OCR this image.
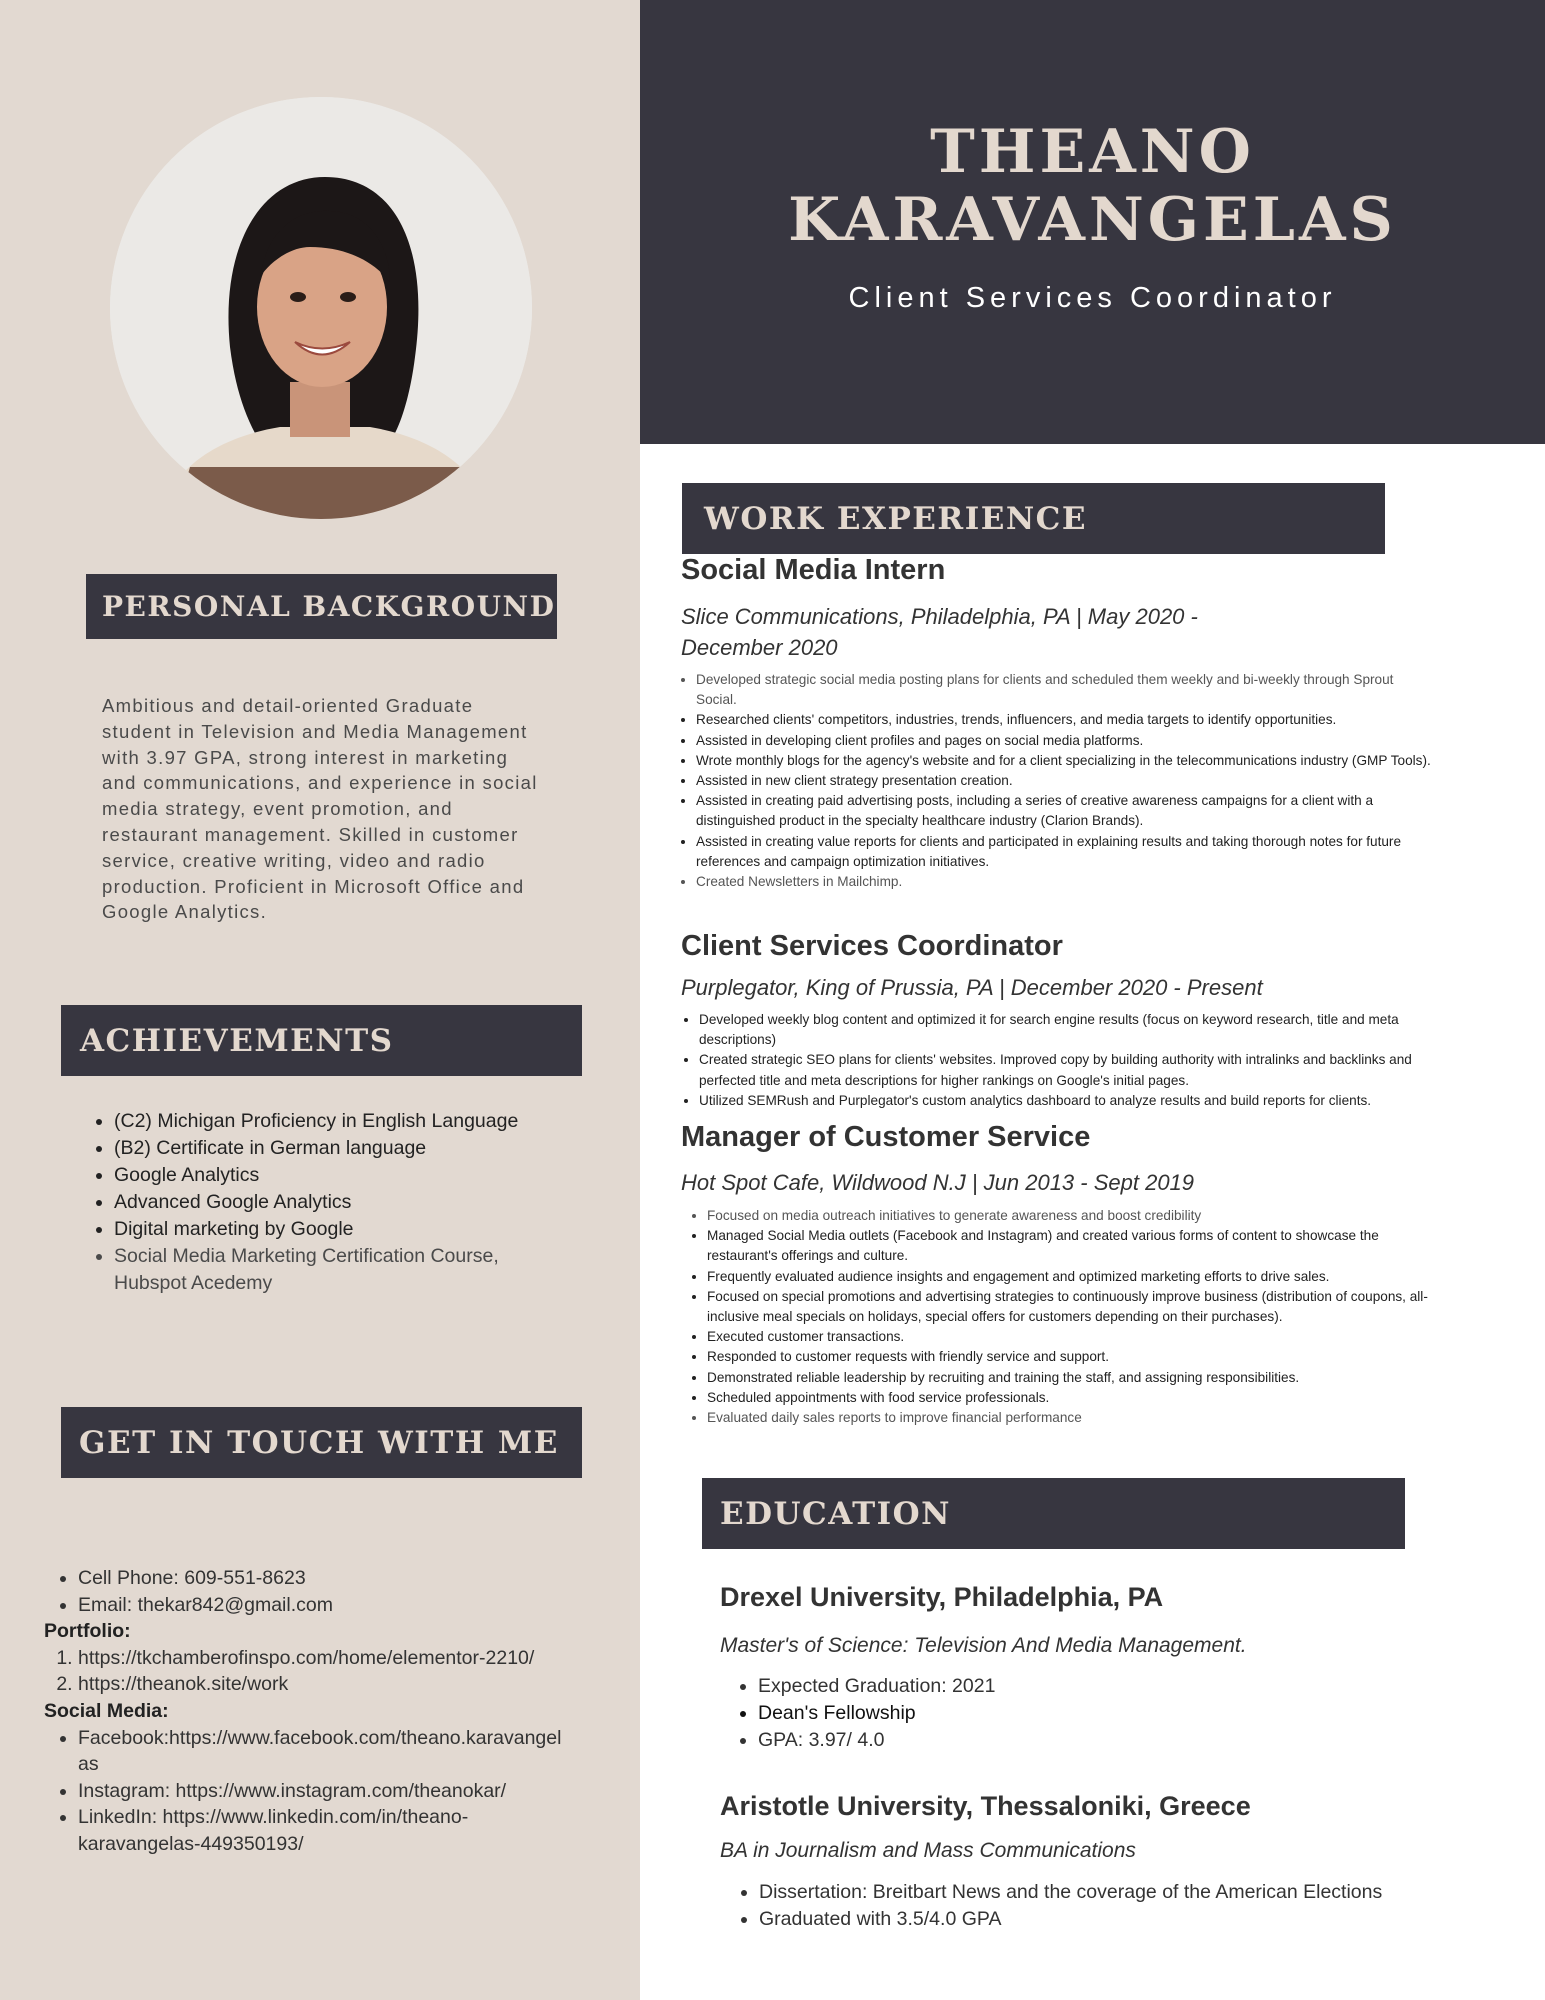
THEANO
KARAVANGELAS
Client Services Coordinator
PERSONAL BACKGROUND
Ambitious and detail-oriented Graduate student in Television and Media Management with 3.97 GPA, strong interest in marketing and communications, and experience in social media strategy, event promotion, and restaurant management. Skilled in customer service, creative writing, video and radio production. Proficient in Microsoft Office and Google Analytics.
ACHIEVEMENTS
• (C2) Michigan Proficiency in English Language
• (B2) Certificate in German language
• Google Analytics
• Advanced Google Analytics
• Digital marketing by Google
• Social Media Marketing Certification Course, Hubspot Acedemy
GET IN TOUCH WITH ME
• Cell Phone: 609-551-8623
• Email: thekar842@gmail.com
Portfolio:
1. https://tkchamberofinspo.com/home/elementor-2210/
2. https://theanok.site/work
Social Media:
• Facebook:https://www.facebook.com/theano.karavangelas
• Instagram: https://www.instagram.com/theanokar/
• LinkedIn: https://www.linkedin.com/in/theano-karavangelas-449350193/
WORK EXPERIENCE
Social Media Intern
Slice Communications, Philadelphia, PA | May 2020 - December 2020
• Developed strategic social media posting plans for clients and scheduled them weekly and bi-weekly through Sprout Social.
• Researched clients' competitors, industries, trends, influencers, and media targets to identify opportunities.
• Assisted in developing client profiles and pages on social media platforms.
• Wrote monthly blogs for the agency's website and for a client specializing in the telecommunications industry (GMP Tools).
• Assisted in new client strategy presentation creation.
• Assisted in creating paid advertising posts, including a series of creative awareness campaigns for a client with a distinguished product in the specialty healthcare industry (Clarion Brands).
• Assisted in creating value reports for clients and participated in explaining results and taking thorough notes for future references and campaign optimization initiatives.
• Created Newsletters in Mailchimp.
Client Services Coordinator
Purplegator, King of Prussia, PA | December 2020 - Present
• Developed weekly blog content and optimized it for search engine results (focus on keyword research, title and meta descriptions)
• Created strategic SEO plans for clients' websites. Improved copy by building authority with intralinks and backlinks and perfected title and meta descriptions for higher rankings on Google's initial pages.
• Utilized SEMRush and Purplegator's custom analytics dashboard to analyze results and build reports for clients.
Manager of Customer Service
Hot Spot Cafe, Wildwood N.J | Jun 2013 - Sept 2019
• Focused on media outreach initiatives to generate awareness and boost credibility
• Managed Social Media outlets (Facebook and Instagram) and created various forms of content to showcase the restaurant's offerings and culture.
• Frequently evaluated audience insights and engagement and optimized marketing efforts to drive sales.
• Focused on special promotions and advertising strategies to continuously improve business (distribution of coupons, all-inclusive meal specials on holidays, special offers for customers depending on their purchases).
• Executed customer transactions.
• Responded to customer requests with friendly service and support.
• Demonstrated reliable leadership by recruiting and training the staff, and assigning responsibilities.
• Scheduled appointments with food service professionals.
• Evaluated daily sales reports to improve financial performance
EDUCATION
Drexel University, Philadelphia, PA
Master's of Science: Television And Media Management.
• Expected Graduation: 2021
• Dean's Fellowship
• GPA: 3.97/ 4.0
Aristotle University, Thessaloniki, Greece
BA in Journalism and Mass Communications
• Dissertation: Breitbart News and the coverage of the American Elections
• Graduated with 3.5/4.0 GPA
